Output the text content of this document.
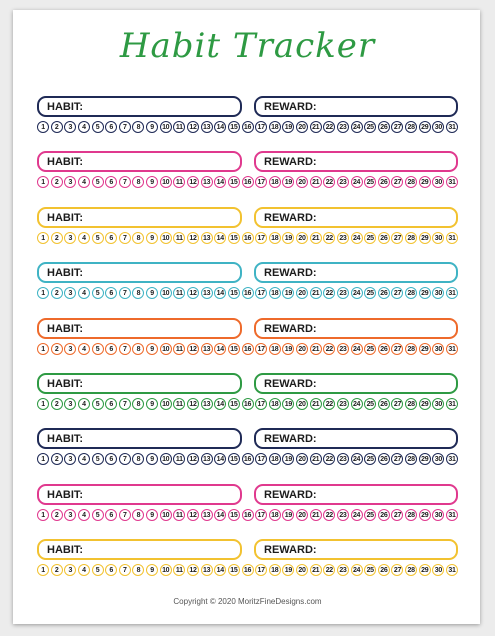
Habit Tracker
HABIT:	REWARD:
1	2	3	4	5	6	7	8	9	10 11 12 13 14 15 16 17 18 19 20 21 22 23 24 25 26 27 28 29 30 31
HABIT:	REWARD:
1	2	3	4	5	6	7	8	9	10 11 12 13 14 15 16 17 18 19 20 21 22 23 24 25 26 27 28 29 30 31
HABIT:	REWARD:
1	2	3	4	5	6	7	8	9	10 11 12 13 14 15 16 17 18 19 20 21 22 23 24 25 26 27 28 29 30 31
HABIT:	REWARD:
1	2	3	4	5	6	7	8	9	10 11 12 13 14 15 16 17 18 19 20 21 22 23 24 25 26 27 28 29 30 31
HABIT:	REWARD:
1	2	3	4	5	6	7	8	9	10 11 12 13 14 15 16 17 18 19 20 21 22 23 24 25 26 27 28 29 30 31
HABIT:	REWARD:
1	2	3	4	5	6	7	8	9	10 11 12 13 14 15 16 17 18 19 20 21 22 23 24 25 26 27 28 29 30 31
HABIT:	REWARD:
1	2	3	4	5	6	7	8	9	10 11 12 13 14 15 16 17 18 19 20 21 22 23 24 25 26 27 28 29 30 31
HABIT:	REWARD:
1	2	3	4	5	6	7	8	9	10 11 12 13 14 15 16 17 18 19 20 21 22 23 24 25 26 27 28 29 30 31
HABIT:	REWARD:
1	2	3	4	5	6	7	8	9	10 11 12 13 14 15 16 17 18 19 20 21 22 23 24 25 26 27 28 29 30 31
Copyright © 2020 MoritzFineDesigns.com
